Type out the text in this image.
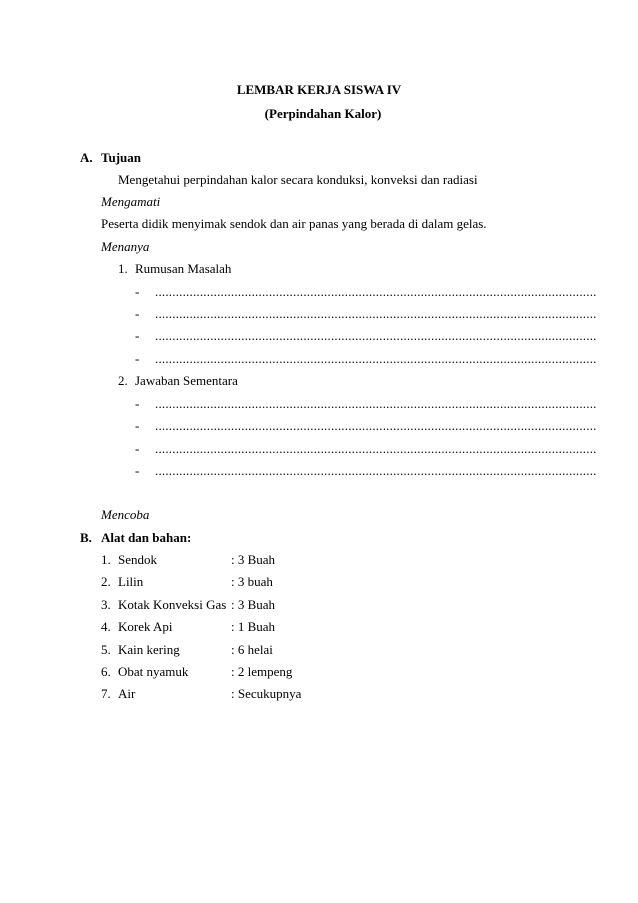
LEMBAR KERJA SISWA IV
(Perpindahan Kalor)
A. Tujuan
Mengetahui perpindahan kalor secara konduksi, konveksi dan radiasi
Mengamati
Peserta didik menyimak sendok dan air panas yang berada di dalam gelas.
Menanya
1. Rumusan Masalah
- ................................................................................................................................
- ................................................................................................................................
- ................................................................................................................................
- ................................................................................................................................
2. Jawaban Sementara
- ................................................................................................................................
- ................................................................................................................................
- ................................................................................................................................
- ................................................................................................................................
Mencoba
B. Alat dan bahan:
1. Sendok	: 3 Buah
2. Lilin	: 3 buah
3. Kotak Konveksi Gas : 3 Buah
4. Korek Api	: 1 Buah
5. Kain kering	: 6 helai
6. Obat nyamuk	: 2 lempeng
7. Air	: Secukupnya
